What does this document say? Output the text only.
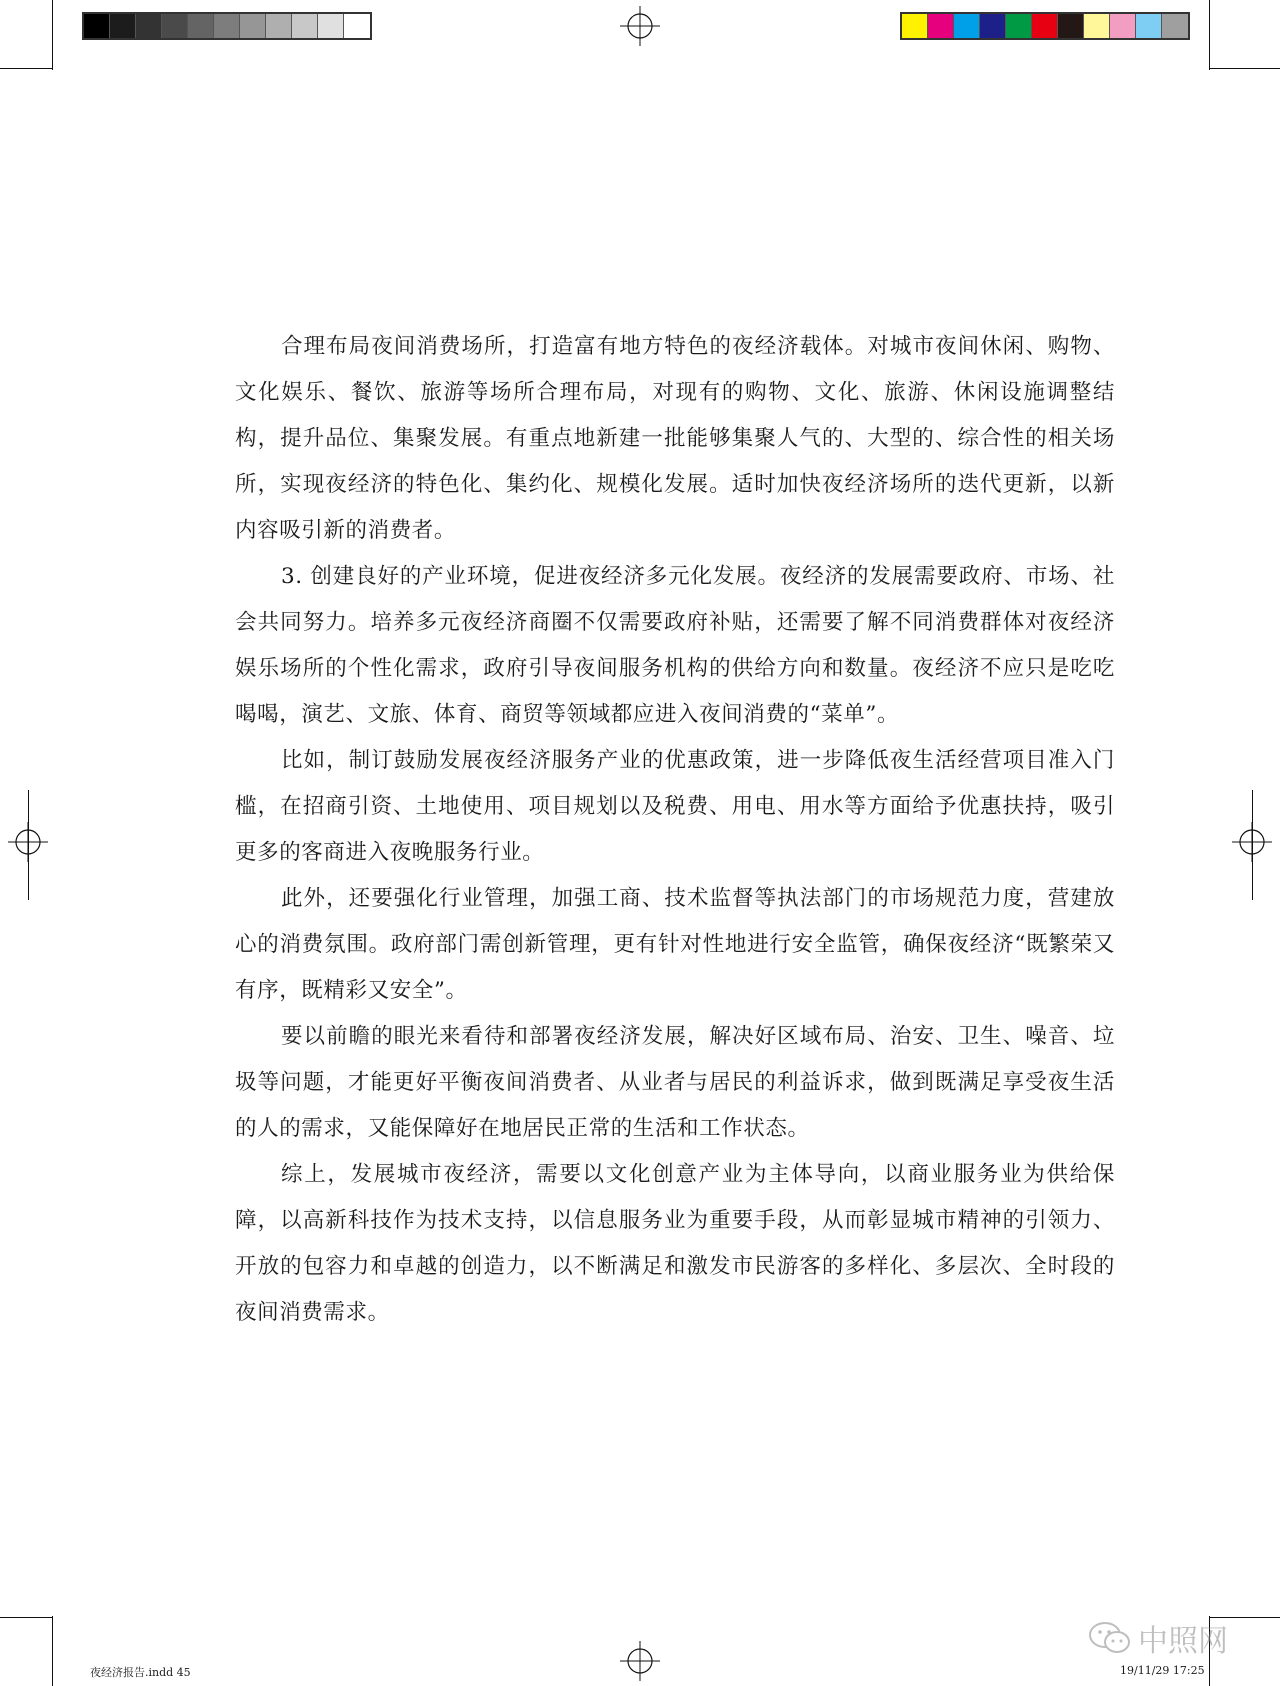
合理布局夜间消费场所，打造富有地方特色的夜经济载体。对城市夜间休闲、购物、文化娱乐、餐饮、旅游等场所合理布局，对现有的购物、文化、旅游、休闲设施调整结构，提升品位、集聚发展。有重点地新建一批能够集聚人气的、大型的、综合性的相关场所，实现夜经济的特色化、集约化、规模化发展。适时加快夜经济场所的迭代更新，以新内容吸引新的消费者。

3. 创建良好的产业环境，促进夜经济多元化发展。夜经济的发展需要政府、市场、社会共同努力。培养多元夜经济商圈不仅需要政府补贴，还需要了解不同消费群体对夜经济娱乐场所的个性化需求，政府引导夜间服务机构的供给方向和数量。夜经济不应只是吃吃喝喝，演艺、文旅、体育、商贸等领域都应进入夜间消费的“菜单”。

比如，制订鼓励发展夜经济服务产业的优惠政策，进一步降低夜生活经营项目准入门槛，在招商引资、土地使用、项目规划以及税费、用电、用水等方面给予优惠扶持，吸引更多的客商进入夜晚服务行业。

此外，还要强化行业管理，加强工商、技术监督等执法部门的市场规范力度，营建放心的消费氛围。政府部门需创新管理，更有针对性地进行安全监管，确保夜经济“既繁荣又有序，既精彩又安全”。

要以前瞻的眼光来看待和部署夜经济发展，解决好区域布局、治安、卫生、噪音、垃圾等问题，才能更好平衡夜间消费者、从业者与居民的利益诉求，做到既满足享受夜生活的人的需求，又能保障好在地居民正常的生活和工作状态。

综上，发展城市夜经济，需要以文化创意产业为主体导向，以商业服务业为供给保障，以高新科技作为技术支持，以信息服务业为重要手段，从而彰显城市精神的引领力、开放的包容力和卓越的创造力，以不断满足和激发市民游客的多样化、多层次、全时段的夜间消费需求。

夜经济报告.indd 45	19/11/29 17:25
中照网
